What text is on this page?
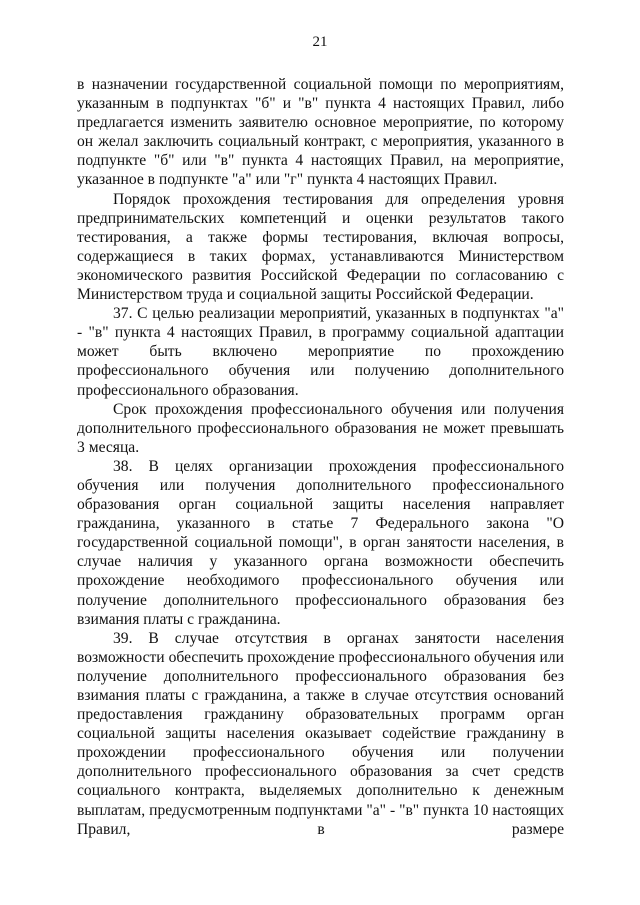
21

в назначении государственной социальной помощи по мероприятиям, указанным в подпунктах "б" и "в" пункта 4 настоящих Правил, либо предлагается изменить заявителю основное мероприятие, по которому он желал заключить социальный контракт, с мероприятия, указанного в подпункте "б" или "в" пункта 4 настоящих Правил, на мероприятие, указанное в подпункте "а" или "г" пункта 4 настоящих Правил.

Порядок прохождения тестирования для определения уровня предпринимательских компетенций и оценки результатов такого тестирования, а также формы тестирования, включая вопросы, содержащиеся в таких формах, устанавливаются Министерством экономического развития Российской Федерации по согласованию с Министерством труда и социальной защиты Российской Федерации.

37. С целью реализации мероприятий, указанных в подпунктах "а" - "в" пункта 4 настоящих Правил, в программу социальной адаптации может быть включено мероприятие по прохождению профессионального обучения или получению дополнительного профессионального образования.

Срок прохождения профессионального обучения или получения дополнительного профессионального образования не может превышать 3 месяца.

38. В целях организации прохождения профессионального обучения или получения дополнительного профессионального образования орган социальной защиты населения направляет гражданина, указанного в статье 7 Федерального закона "О государственной социальной помощи", в орган занятости населения, в случае наличия у указанного органа возможности обеспечить прохождение необходимого профессионального обучения или получение дополнительного профессионального образования без взимания платы с гражданина.

39. В случае отсутствия в органах занятости населения возможности обеспечить прохождение профессионального обучения или получение дополнительного профессионального образования без взимания платы с гражданина, а также в случае отсутствия оснований предоставления гражданину образовательных программ орган социальной защиты населения оказывает содействие гражданину в прохождении профессионального обучения или получении дополнительного профессионального образования за счет средств социального контракта, выделяемых дополнительно к денежным выплатам, предусмотренным подпунктами "а" - "в" пункта 10 настоящих Правил, в размере
